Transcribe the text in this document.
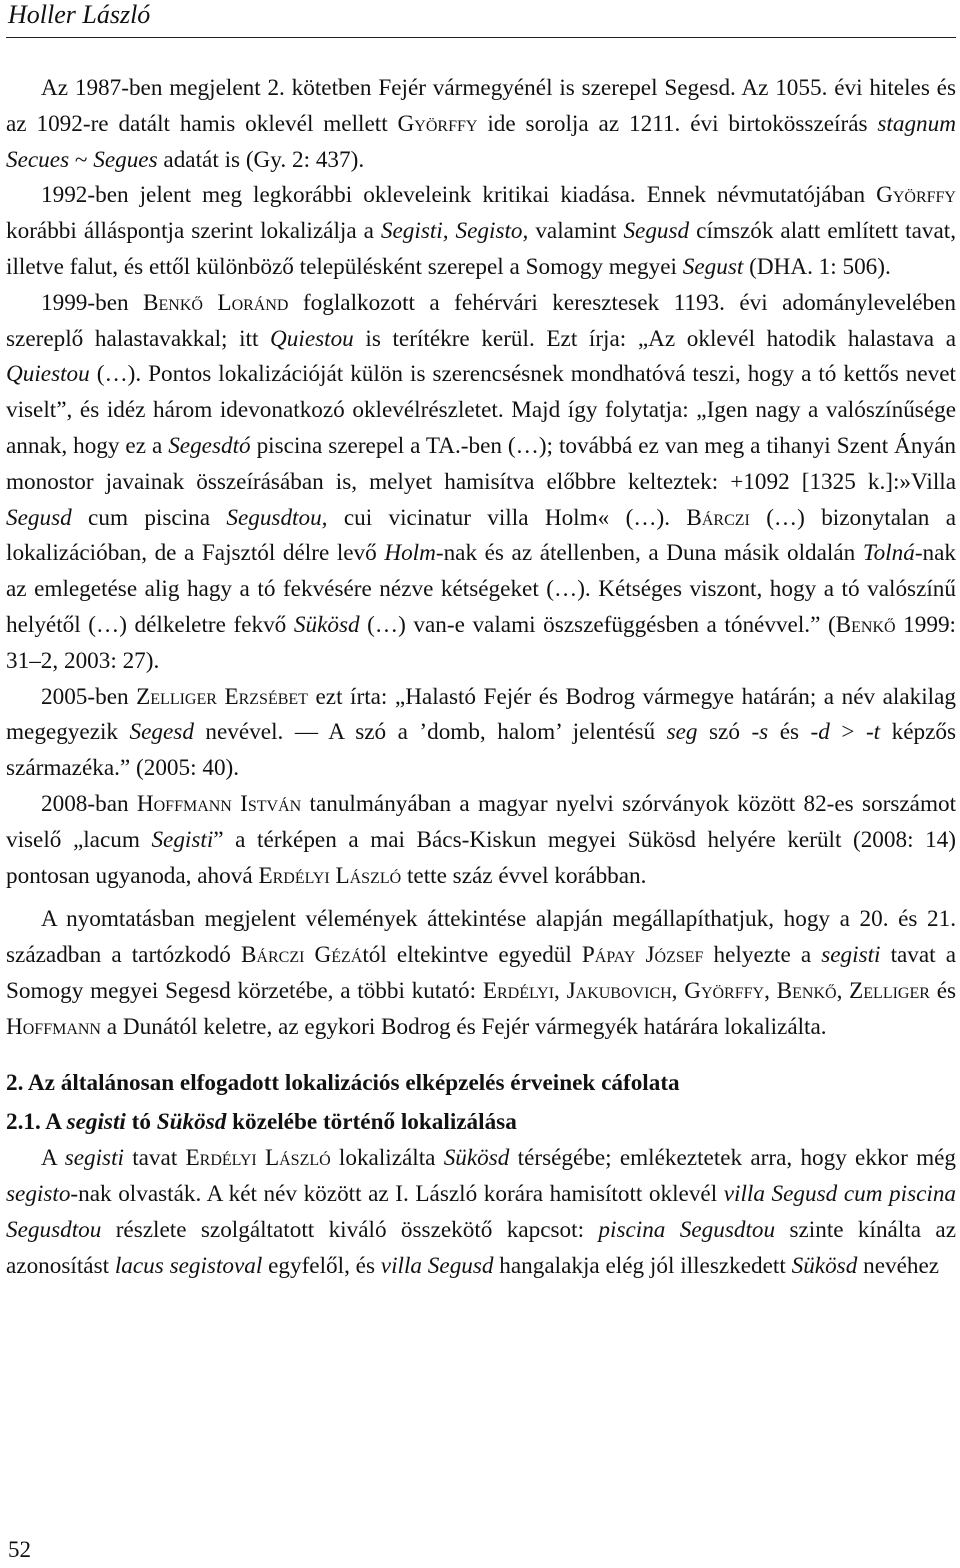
Holler László

Az 1987-ben megjelent 2. kötetben Fejér vármegyénél is szerepel Segesd. Az 1055. évi hiteles és az 1092-re datált hamis oklevél mellett Györffy ide sorolja az 1211. évi birtokösszeírás stagnum Secues ~ Segues adatát is (Gy. 2: 437).

1992-ben jelent meg legkorábbi okleveleink kritikai kiadása. Ennek névmutatójában Györffy korábbi álláspontja szerint lokalizálja a Segisti, Segisto, valamint Segusd címszók alatt említett tavat, illetve falut, és ettől különböző településként szerepel a Somogy megyei Segust (DHA. 1: 506).

1999-ben Benkő Loránd foglalkozott a fehérvári keresztesek 1193. évi adománylevelében szereplő halastavakkal; itt Quiestou is terítékre kerül. Ezt írja: „Az oklevél hatodik halastava a Quiestou (…). Pontos lokalizációját külön is szerencsésnek mondhatóvá teszi, hogy a tó kettős nevet viselt”, és idéz három idevonatkozó oklevélrészletet. Majd így folytatja: „Igen nagy a valószínűsége annak, hogy ez a Segesdtó piscina szerepel a TA.-ben (…); továbbá ez van meg a tihanyi Szent Ányán monostor javainak összeírásában is, melyet hamisítva előbbre kelteztek: +1092 [1325 k.]:»Villa Segusd cum piscina Segusdtou, cui vicinatur villa Holm« (…). Bárczi (…) bizonytalan a lokalizációban, de a Fajsztól délre levő Holm-nak és az átellenben, a Duna másik oldalán Tolná-nak az emlegetése alig hagy a tó fekvésére nézve kétségeket (…). Kétséges viszont, hogy a tó valószínű helyétől (…) délkeletre fekvő Sükösd (…) van-e valami öszszefüggésben a tónévvel.” (Benkő 1999: 31–2, 2003: 27).

2005-ben Zelliger Erzsébet ezt írta: „Halastó Fejér és Bodrog vármegye határán; a név alakilag megegyezik Segesd nevével. — A szó a ’domb, halom’ jelentésű seg szó -s és -d > -t képzős származéka.” (2005: 40).

2008-ban Hoffmann István tanulmányában a magyar nyelvi szórványok között 82-es sorszámot viselő „lacum Segisti” a térképen a mai Bács-Kiskun megyei Sükösd helyére került (2008: 14) pontosan ugyanoda, ahová Erdélyi László tette száz évvel korábban.

A nyomtatásban megjelent vélemények áttekintése alapján megállapíthatjuk, hogy a 20. és 21. században a tartózkodó Bárczi Gézától eltekintve egyedül Pápay József helyezte a segisti tavat a Somogy megyei Segesd körzetébe, a többi kutató: Erdélyi, Jakubovich, Györffy, Benkő, Zelliger és Hoffmann a Dunától keletre, az egykori Bodrog és Fejér vármegyék határára lokalizálta.

2. Az általánosan elfogadott lokalizációs elképzelés érveinek cáfolata
2.1. A segisti tó Sükösd közelébe történő lokalizálása

A segisti tavat Erdélyi László lokalizálta Sükösd térségébe; emlékeztetek arra, hogy ekkor még segisto-nak olvasták. A két név között az I. László korára hamisított oklevél villa Segusd cum piscina Segusdtou részlete szolgáltatott kiváló összekötő kapcsot: piscina Segusdtou szinte kínálta az azonosítást lacus segistoval egyfelől, és villa Segusd hangalakja elég jól illeszkedett Sükösd nevéhez

52
